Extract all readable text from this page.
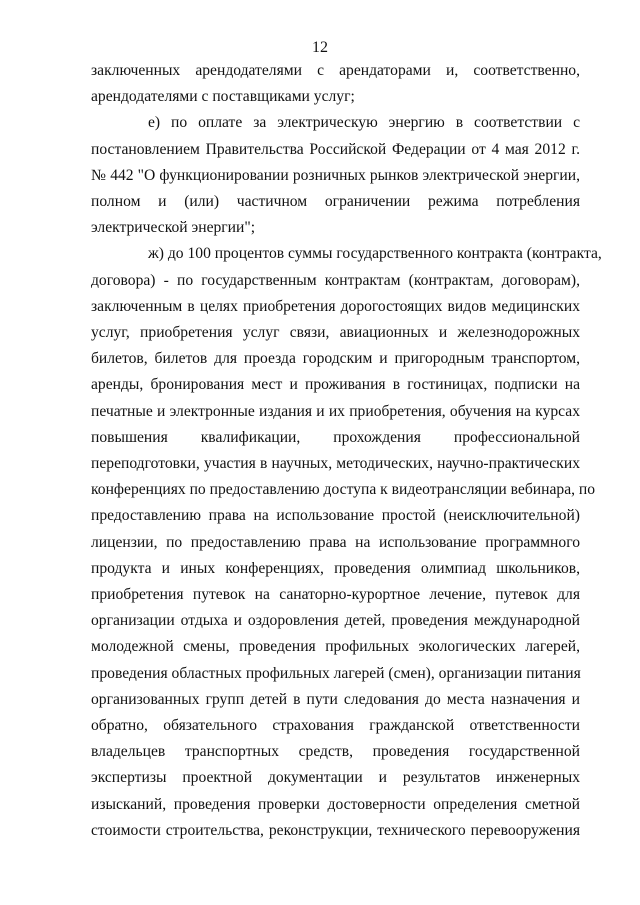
12

заключенных арендодателями с арендаторами и, соответственно,
арендодателями с поставщиками услуг;

е) по оплате за электрическую энергию в соответствии с
постановлением Правительства Российской Федерации от 4 мая 2012 г.
№ 442 "О функционировании розничных рынков электрической энергии,
полном и (или) частичном ограничении режима потребления
электрической энергии";

ж) до 100 процентов суммы государственного контракта (контракта,
договора) - по государственным контрактам (контрактам, договорам),
заключенным в целях приобретения дорогостоящих видов медицинских
услуг, приобретения услуг связи, авиационных и железнодорожных
билетов, билетов для проезда городским и пригородным транспортом,
аренды, бронирования мест и проживания в гостиницах, подписки на
печатные и электронные издания и их приобретения, обучения на курсах
повышения квалификации, прохождения профессиональной
переподготовки, участия в научных, методических, научно-практических
конференциях по предоставлению доступа к видеотрансляции вебинара, по
предоставлению права на использование простой (неисключительной)
лицензии, по предоставлению права на использование программного
продукта и иных конференциях, проведения олимпиад школьников,
приобретения путевок на санаторно-курортное лечение, путевок для
организации отдыха и оздоровления детей, проведения международной
молодежной смены, проведения профильных экологических лагерей,
проведения областных профильных лагерей (смен), организации питания
организованных групп детей в пути следования до места назначения и
обратно, обязательного страхования гражданской ответственности
владельцев транспортных средств, проведения государственной
экспертизы проектной документации и результатов инженерных
изысканий, проведения проверки достоверности определения сметной
стоимости строительства, реконструкции, технического перевооружения
